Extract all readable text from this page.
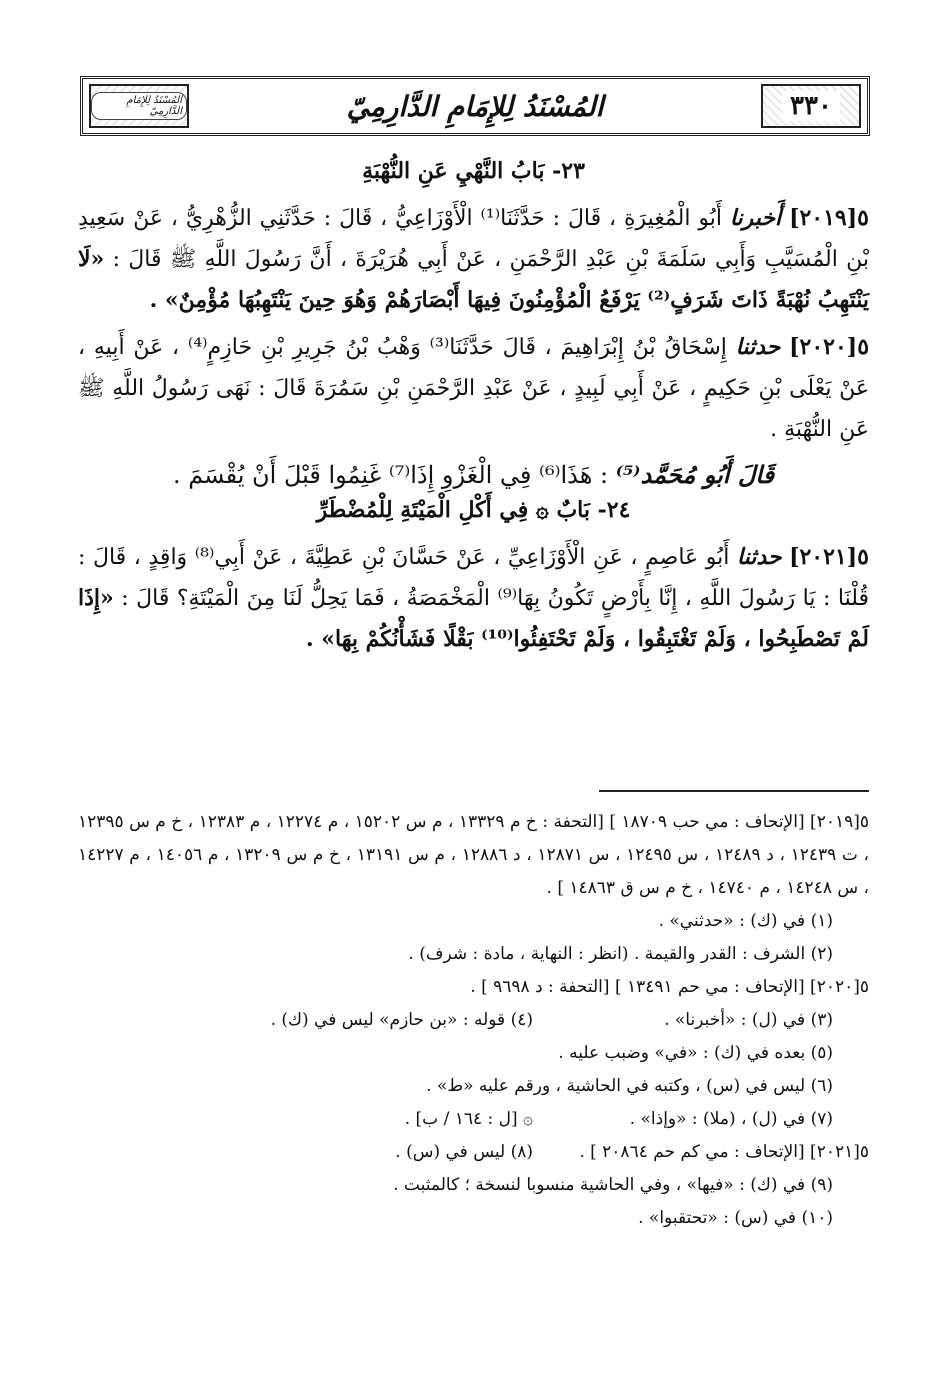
٣٣٠
المُسْنَدُ لِلإِمَامِ الدَّارِمِيّ
المُسْنَدُ لِلإِمَامِ الدَّارِمِيّ
٢٣- بَابُ النَّهْيِ عَنِ النُّهْبَةِ

٥[٢٠١٩] أَخبرنا أَبُو الْمُغِيرَةِ ، قَالَ : حَدَّثَنَا⁽¹⁾ الْأَوْزَاعِيُّ ، قَالَ : حَدَّثَنِي الزُّهْرِيُّ ، عَنْ سَعِيدِ بْنِ الْمُسَيَّبِ وَأَبِي سَلَمَةَ بْنِ عَبْدِ الرَّحْمَنِ ، عَنْ أَبِي هُرَيْرَةَ ، أَنَّ رَسُولَ اللَّهِ ﷺ قَالَ : «لَا يَنْتَهِبُ نُهْبَةً ذَاتَ شَرَفٍ⁽²⁾ يَرْفَعُ الْمُؤْمِنُونَ فِيهَا أَبْصَارَهُمْ وَهُوَ حِينَ يَنْتَهِبُهَا مُؤْمِنٌ» .

٥[٢٠٢٠] حدثنا إِسْحَاقُ بْنُ إِبْرَاهِيمَ ، قَالَ حَدَّثَنَا⁽³⁾ وَهْبُ بْنُ جَرِيرِ بْنِ حَازِمٍ⁽⁴⁾ ، عَنْ أَبِيهِ ، عَنْ يَعْلَى بْنِ حَكِيمٍ ، عَنْ أَبِي لَبِيدٍ ، عَنْ عَبْدِ الرَّحْمَنِ بْنِ سَمُرَةَ قَالَ : نَهَى رَسُولُ اللَّهِ ﷺ عَنِ النُّهْبَةِ .

قَالَ أَبُو مُحَمَّد⁽⁵⁾ : هَذَا⁽⁶⁾ فِي الْغَزْوِ إِذَا⁽⁷⁾ غَنِمُوا قَبْلَ أَنْ يُقْسَمَ .
٢٤- بَابٌ ۞ فِي أَكْلِ الْمَيْتَةِ لِلْمُضْطَرِّ

٥[٢٠٢١] حدثنا أَبُو عَاصِمٍ ، عَنِ الْأَوْزَاعِيِّ ، عَنْ حَسَّانَ بْنِ عَطِيَّةَ ، عَنْ أَبِي⁽⁸⁾ وَاقِدٍ ، قَالَ : قُلْنَا : يَا رَسُولَ اللَّهِ ، إِنَّا بِأَرْضٍ تَكُونُ بِهَا⁽⁹⁾ الْمَخْمَصَةُ ، فَمَا يَحِلُّ لَنَا مِنَ الْمَيْتَةِ؟ قَالَ : «إِذَا لَمْ تَصْطَبِحُوا ، وَلَمْ تَغْتَبِقُوا ، وَلَمْ تَحْتَفِئُوا⁽¹⁰⁾ بَقْلًا فَشَأْنُكُمْ بِهَا» .

٥[٢٠١٩] [الإتحاف : مي حب ١٨٧٠٩ ] [التحفة : خ م ١٣٣٢٩ ، م س ١٥٢٠٢ ، م ١٢٢٧٤ ، م ١٢٣٨٣ ، خ م س ١٢٣٩٥ ، ت ١٢٤٣٩ ، د ١٢٤٨٩ ، س ١٢٤٩٥ ، س ١٢٨٧١ ، د ١٢٨٨٦ ، م س ١٣١٩١ ، خ م س ١٣٢٠٩ ، م ١٤٠٥٦ ، م ١٤٢٢٧ ، س ١٤٢٤٨ ، م ١٤٧٤٠ ، خ م س ق ١٤٨٦٣ ] .

(١) في (ك) : «حدثني» .

(٢) الشرف : القدر والقيمة . (انظر : النهاية ، مادة : شرف) .

٥[٢٠٢٠] [الإتحاف : مي حم ١٣٤٩١ ] [التحفة : د ٩٦٩٨ ] .

(٣) في (ل) : «أخبرنا» .
(٤) قوله : «بن حازم» ليس في (ك) .

(٥) بعده في (ك) : «في» وضبب عليه .

(٦) ليس في (س) ، وكتبه في الحاشية ، ورقم عليه «ط» .

(٧) في (ل) ، (ملا) : «وإذا» .
۞ [ل : ١٦٤ / ب] .
٥[٢٠٢١] [الإتحاف : مي كم حم ٢٠٨٦٤ ] .
(٨) ليس في (س) .

(٩) في (ك) : «فيها» ، وفي الحاشية منسوبا لنسخة ؛ كالمثبت .

(١٠) في (س) : «تحتقبوا» .
